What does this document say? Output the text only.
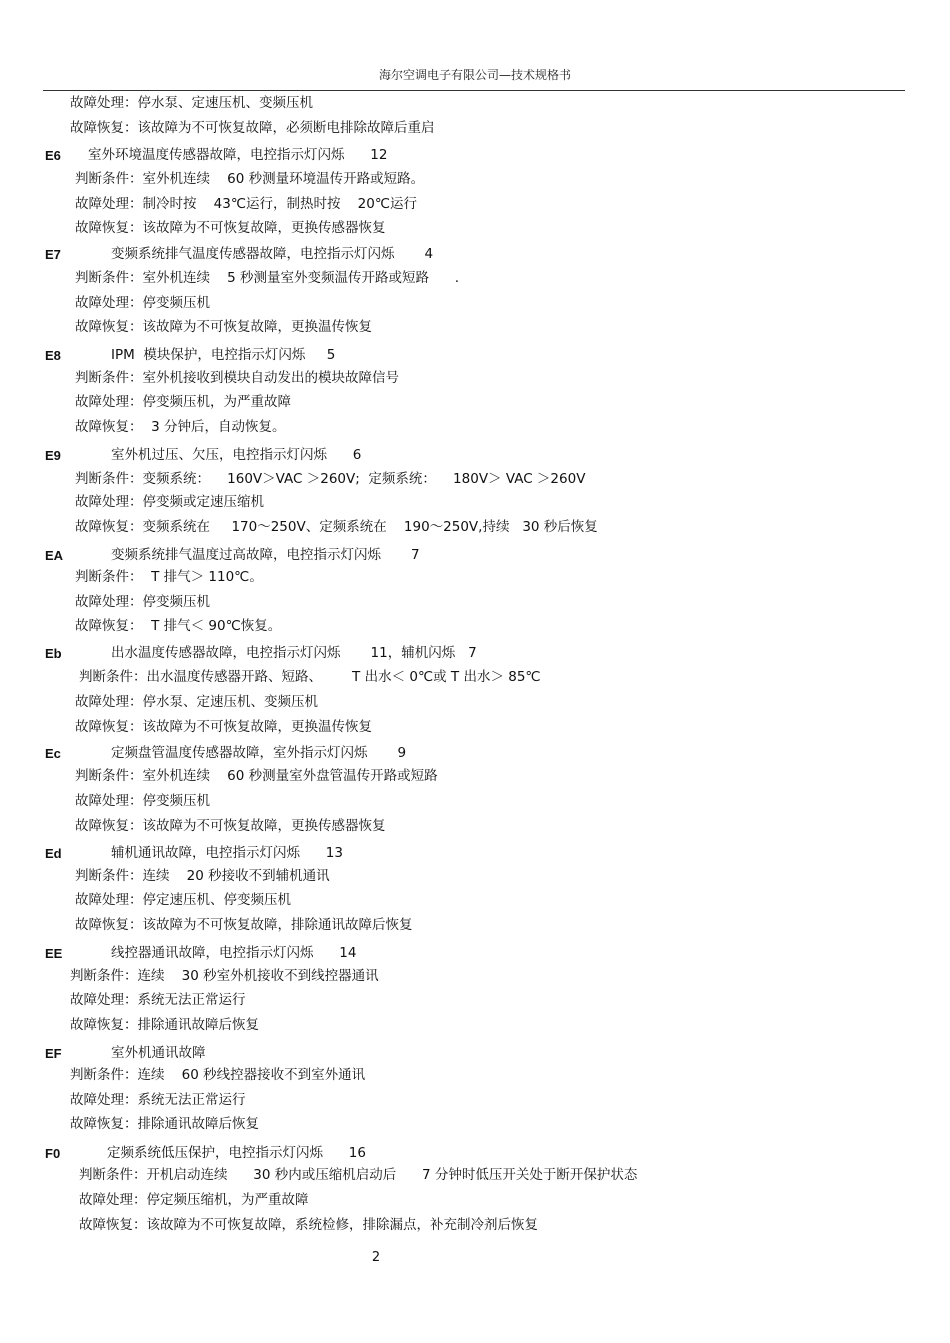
海尔空调电子有限公司—技术规格书
故障处理：停水泵、定速压机、变频压机
故障恢复：该故障为不可恢复故障，必须断电排除故障后重启
室外环境温度传感器故障，电控指示灯闪烁      12
判断条件：室外机连续    60 秒测量环境温传开路或短路。
故障处理：制冷时按    43℃运行，制热时按    20℃运行
故障恢复：该故障为不可恢复故障，更换传感器恢复
变频系统排气温度传感器故障，电控指示灯闪烁       4
判断条件：室外机连续    5 秒测量室外变频温传开路或短路      .
故障处理：停变频压机
故障恢复：该故障为不可恢复故障，更换温传恢复
IPM  模块保护，电控指示灯闪烁     5
判断条件：室外机接收到模块自动发出的模块故障信号
故障处理：停变频压机，为严重故障
故障恢复：  3 分钟后，自动恢复。
室外机过压、欠压，电控指示灯闪烁      6
判断条件：变频系统：    160V＞VAC ＞260V;  定频系统：    180V＞ VAC ＞260V
故障处理：停变频或定速压缩机
故障恢复：变频系统在     170～250V、定频系统在    190～250V,持续   30 秒后恢复
变频系统排气温度过高故障，电控指示灯闪烁       7
判断条件：  T 排气＞ 110℃。
故障处理：停变频压机
故障恢复：  T 排气＜ 90℃恢复。
出水温度传感器故障，电控指示灯闪烁       11，辅机闪烁   7
判断条件：出水温度传感器开路、短路、       T 出水＜ 0℃或 T 出水＞ 85℃
故障处理：停水泵、定速压机、变频压机
故障恢复：该故障为不可恢复故障，更换温传恢复
定频盘管温度传感器故障，室外指示灯闪烁       9
判断条件：室外机连续    60 秒测量室外盘管温传开路或短路
故障处理：停变频压机
故障恢复：该故障为不可恢复故障，更换传感器恢复
辅机通讯故障，电控指示灯闪烁      13
判断条件：连续    20 秒接收不到辅机通讯
故障处理：停定速压机、停变频压机
故障恢复：该故障为不可恢复故障，排除通讯故障后恢复
线控器通讯故障，电控指示灯闪烁      14
判断条件：连续    30 秒室外机接收不到线控器通讯
故障处理：系统无法正常运行
故障恢复：排除通讯故障后恢复
室外机通讯故障
判断条件：连续    60 秒线控器接收不到室外通讯
故障处理：系统无法正常运行
故障恢复：排除通讯故障后恢复
定频系统低压保护，电控指示灯闪烁      16
判断条件：开机启动连续      30 秒内或压缩机启动后      7 分钟时低压开关处于断开保护状态
故障处理：停定频压缩机，为严重故障
故障恢复：该故障为不可恢复故障，系统检修，排除漏点，补充制冷剂后恢复
E6
E7
E8
E9
EA
Eb
Ec
Ed
EE
EF
F0
2
